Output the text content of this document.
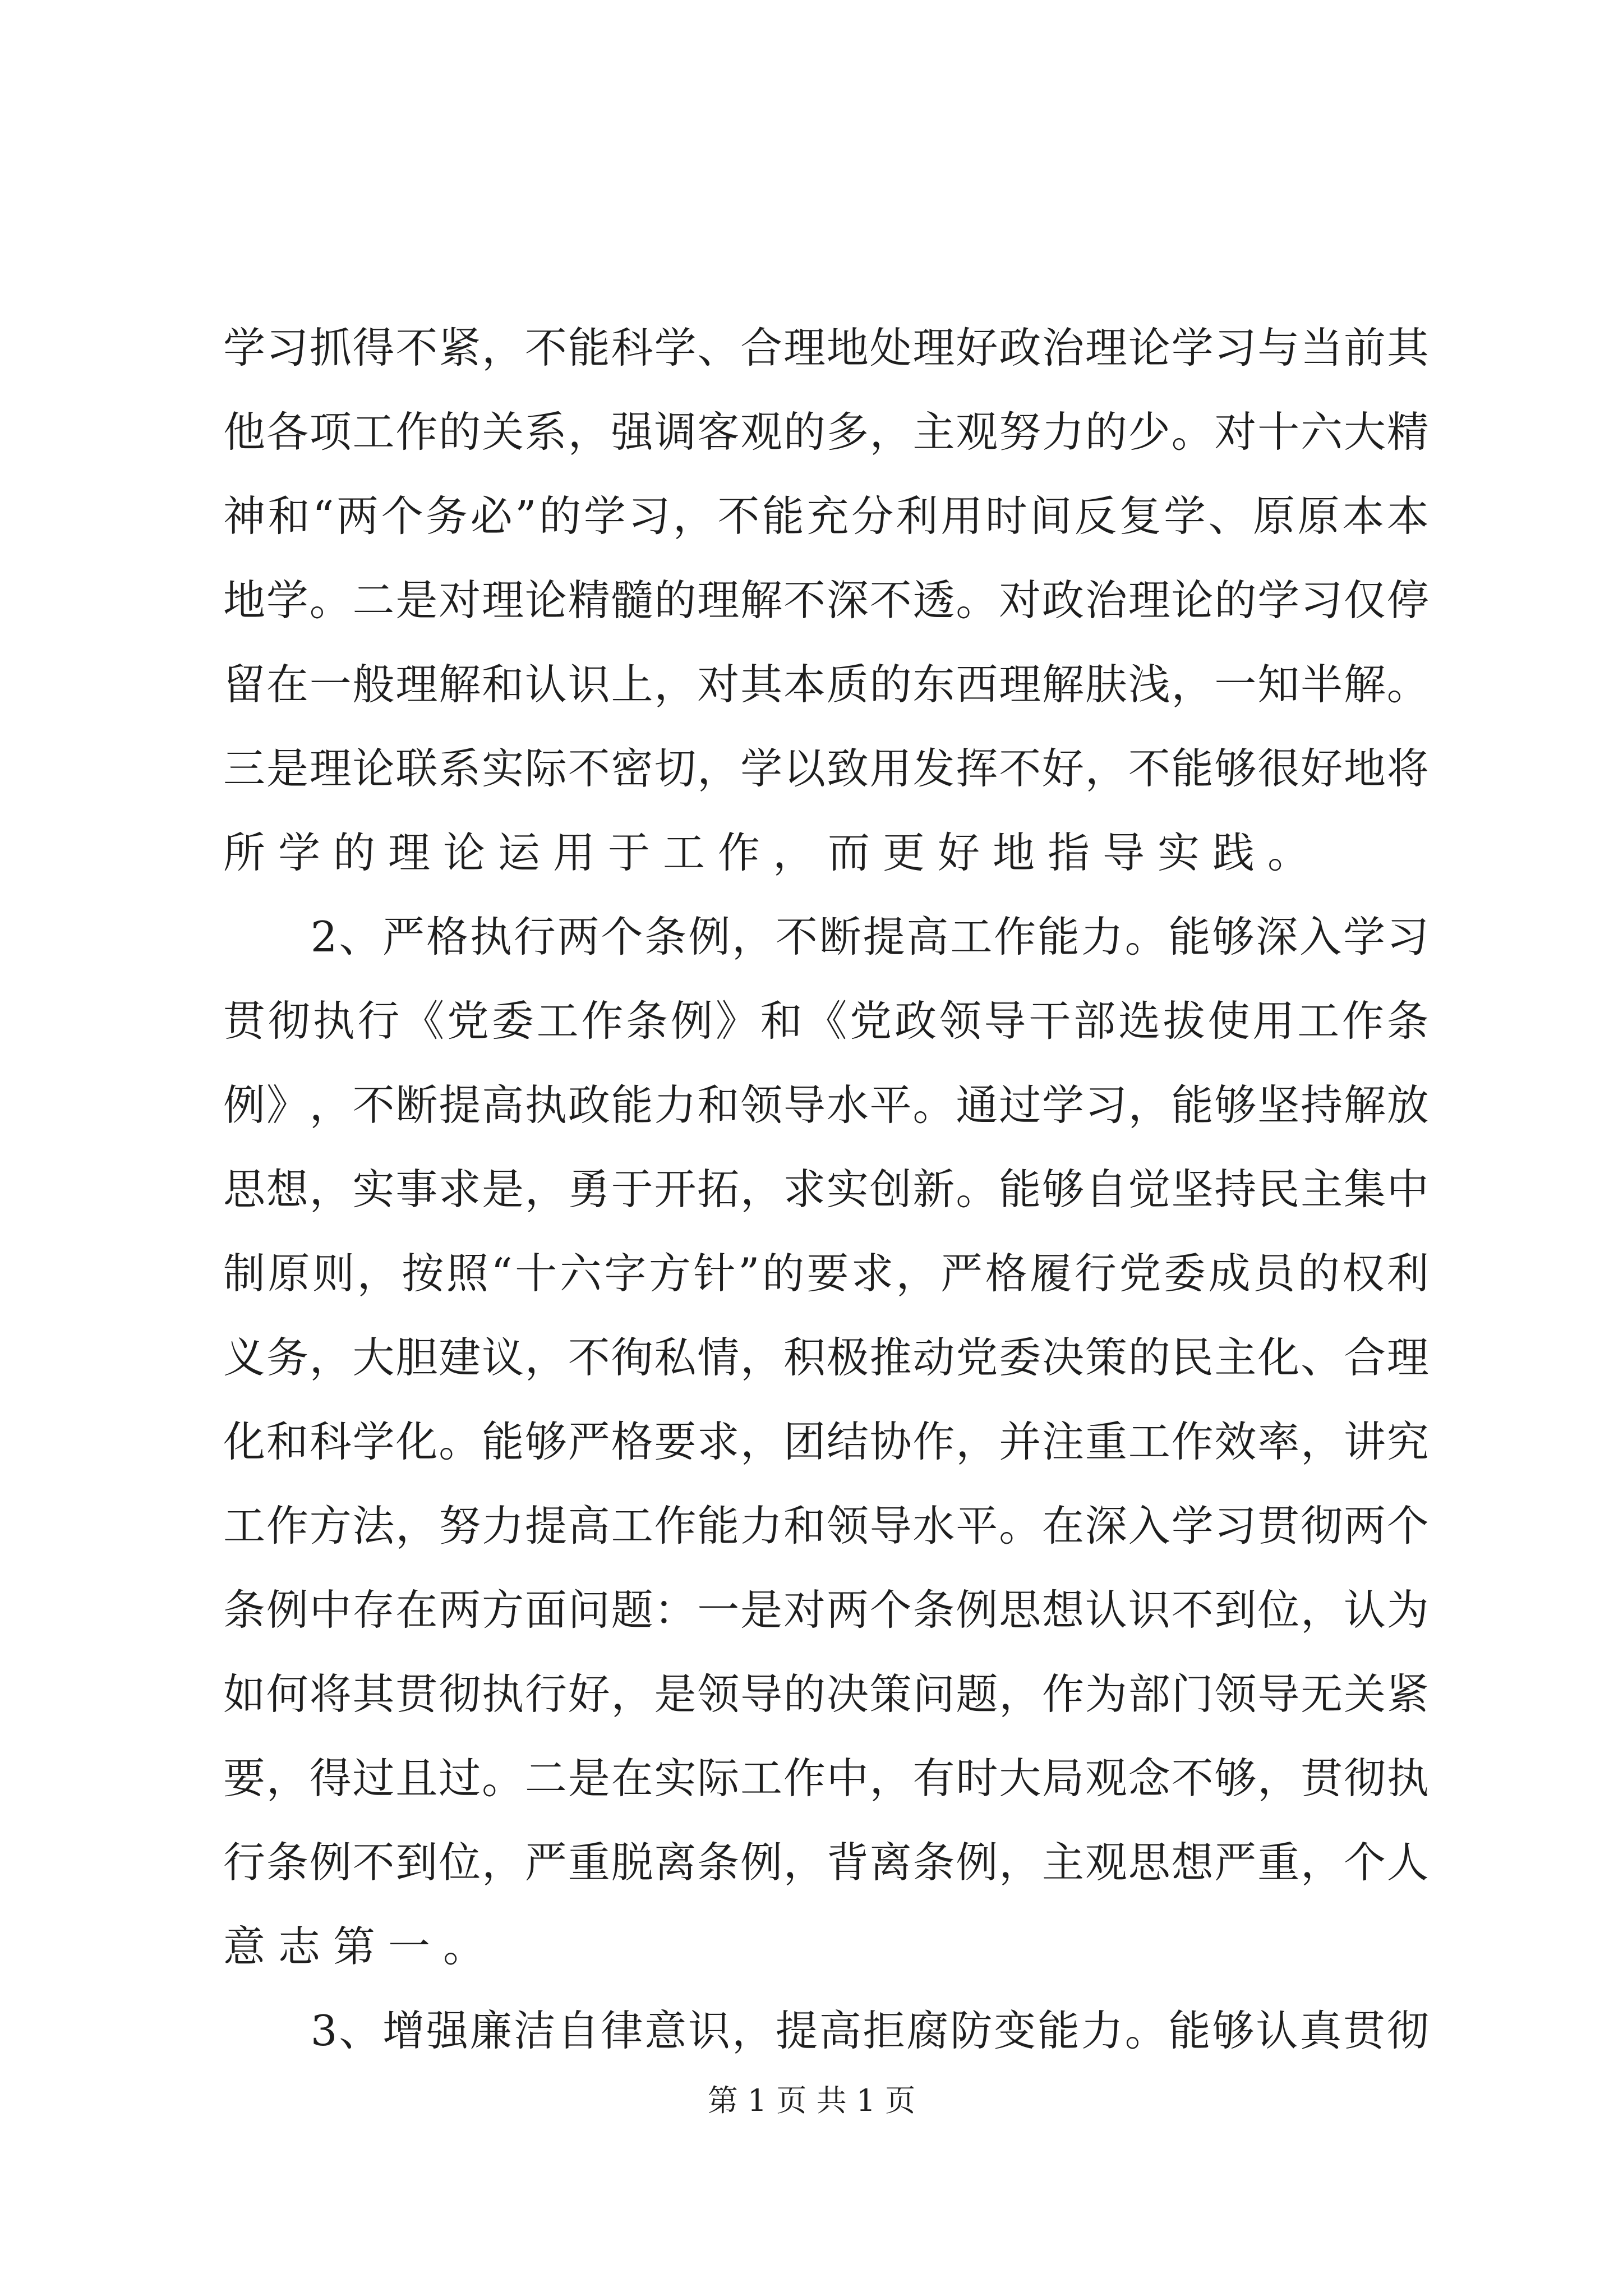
学 习 抓 得 不 紧 ， 不 能 科 学 、 合 理 地 处 理 好 政 治 理 论 学 习 与 当 前 其
他 各 项 工 作 的 关 系 ， 强 调 客 观 的 多 ， 主 观 努 力 的 少 。 对 十 六 大 精
神 和 “ 两 个 务 必 ” 的 学 习 ， 不 能 充 分 利 用 时 间 反 复 学 、 原 原 本 本
地 学 。 二 是 对 理 论 精 髓 的 理 解 不 深 不 透 。 对 政 治 理 论 的 学 习 仅 停
留 在 一 般 理 解 和 认 识 上 ， 对 其 本 质 的 东 西 理 解 肤 浅 ， 一 知 半 解 。
三 是 理 论 联 系 实 际 不 密 切 ， 学 以 致 用 发 挥 不 好 ， 不 能 够 很 好 地 将
所学的理论运用于工作，而更好地指导实践。

2 、 严 格 执 行 两 个 条 例 ， 不 断 提 高 工 作 能 力 。 能 够 深 入 学 习
贯 彻 执 行 《 党 委 工 作 条 例 》 和 《 党 政 领 导 干 部 选 拔 使 用 工 作 条
例 》 ， 不 断 提 高 执 政 能 力 和 领 导 水 平 。 通 过 学 习 ， 能 够 坚 持 解 放
思 想 ， 实 事 求 是 ， 勇 于 开 拓 ， 求 实 创 新 。 能 够 自 觉 坚 持 民 主 集 中
制 原 则 ， 按 照 “ 十 六 字 方 针 ” 的 要 求 ， 严 格 履 行 党 委 成 员 的 权 利
义 务 ， 大 胆 建 议 ， 不 徇 私 情 ， 积 极 推 动 党 委 决 策 的 民 主 化 、 合 理
化 和 科 学 化 。 能 够 严 格 要 求 ， 团 结 协 作 ， 并 注 重 工 作 效 率 ， 讲 究
工 作 方 法 ， 努 力 提 高 工 作 能 力 和 领 导 水 平 。 在 深 入 学 习 贯 彻 两 个
条 例 中 存 在 两 方 面 问 题 ： 一 是 对 两 个 条 例 思 想 认 识 不 到 位 ， 认 为
如 何 将 其 贯 彻 执 行 好 ， 是 领 导 的 决 策 问 题 ， 作 为 部 门 领 导 无 关 紧
要 ， 得 过 且 过 。 二 是 在 实 际 工 作 中 ， 有 时 大 局 观 念 不 够 ， 贯 彻 执
行 条 例 不 到 位 ， 严 重 脱 离 条 例 ， 背 离 条 例 ， 主 观 思 想 严 重 ， 个 人
意志第一。

3 、 增 强 廉 洁 自 律 意 识 ， 提 高 拒 腐 防 变 能 力 。 能 够 认 真 贯 彻
第 1 页 共 1 页
